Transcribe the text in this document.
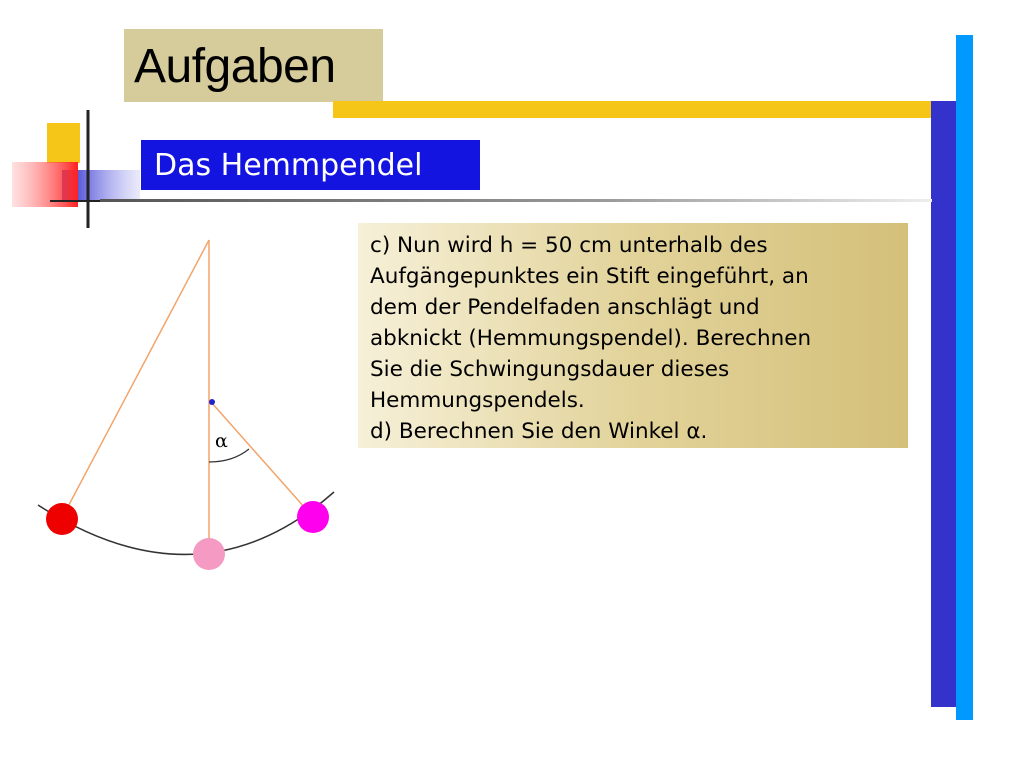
Aufgaben
Das Hemmpendel

c) Nun wird h = 50 cm unterhalb des

Aufgängepunktes ein Stift eingeführt, an

dem der Pendelfaden anschlägt und

abknickt (Hemmungspendel). Berechnen

Sie die Schwingungsdauer dieses

Hemmungspendels.

d) Berechnen Sie den Winkel α.

α
